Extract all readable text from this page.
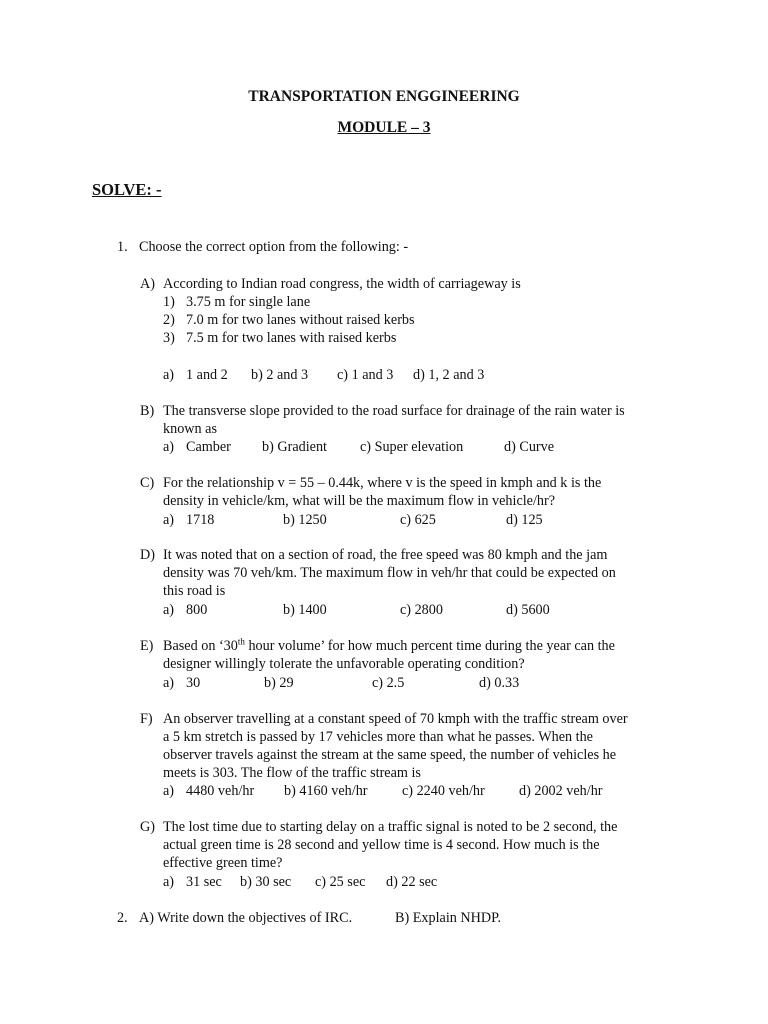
TRANSPORTATION ENGGINEERING
MODULE – 3
SOLVE: -
1. Choose the correct option from the following: -
A) According to Indian road congress, the width of carriageway is
1) 3.75 m for single lane
2) 7.0 m for two lanes without raised kerbs
3) 7.5 m for two lanes with raised kerbs
a) 1 and 2 b) 2 and 3 c) 1 and 3 d) 1, 2 and 3
B) The transverse slope provided to the road surface for drainage of the rain water is
known as
a) Camber b) Gradient c) Super elevation	d) Curve
C) For the relationship v = 55 – 0.44k, where v is the speed in kmph and k is the
density in vehicle/km, what will be the maximum flow in vehicle/hr?
a) 1718	b) 1250	c) 625	d) 125
D) It was noted that on a section of road, the free speed was 80 kmph and the jam
density was 70 veh/km. The maximum flow in veh/hr that could be expected on
this road is
a) 800	b) 1400	c) 2800	d) 5600
E) Based on ‘30th hour volume’ for how much percent time during the year can the
designer willingly tolerate the unfavorable operating condition?
a) 30	b) 29	c) 2.5	d) 0.33
F) An observer travelling at a constant speed of 70 kmph with the traffic stream over
a 5 km stretch is passed by 17 vehicles more than what he passes. When the
observer travels against the stream at the same speed, the number of vehicles he
meets is 303. The flow of the traffic stream is
a) 4480 veh/hr b) 4160 veh/hr c) 2240 veh/hr d) 2002 veh/hr
G) The lost time due to starting delay on a traffic signal is noted to be 2 second, the
actual green time is 28 second and yellow time is 4 second. How much is the
effective green time?
a) 31 sec b) 30 sec c) 25 sec d) 22 sec
2. A) Write down the objectives of IRC.	B) Explain NHDP.
